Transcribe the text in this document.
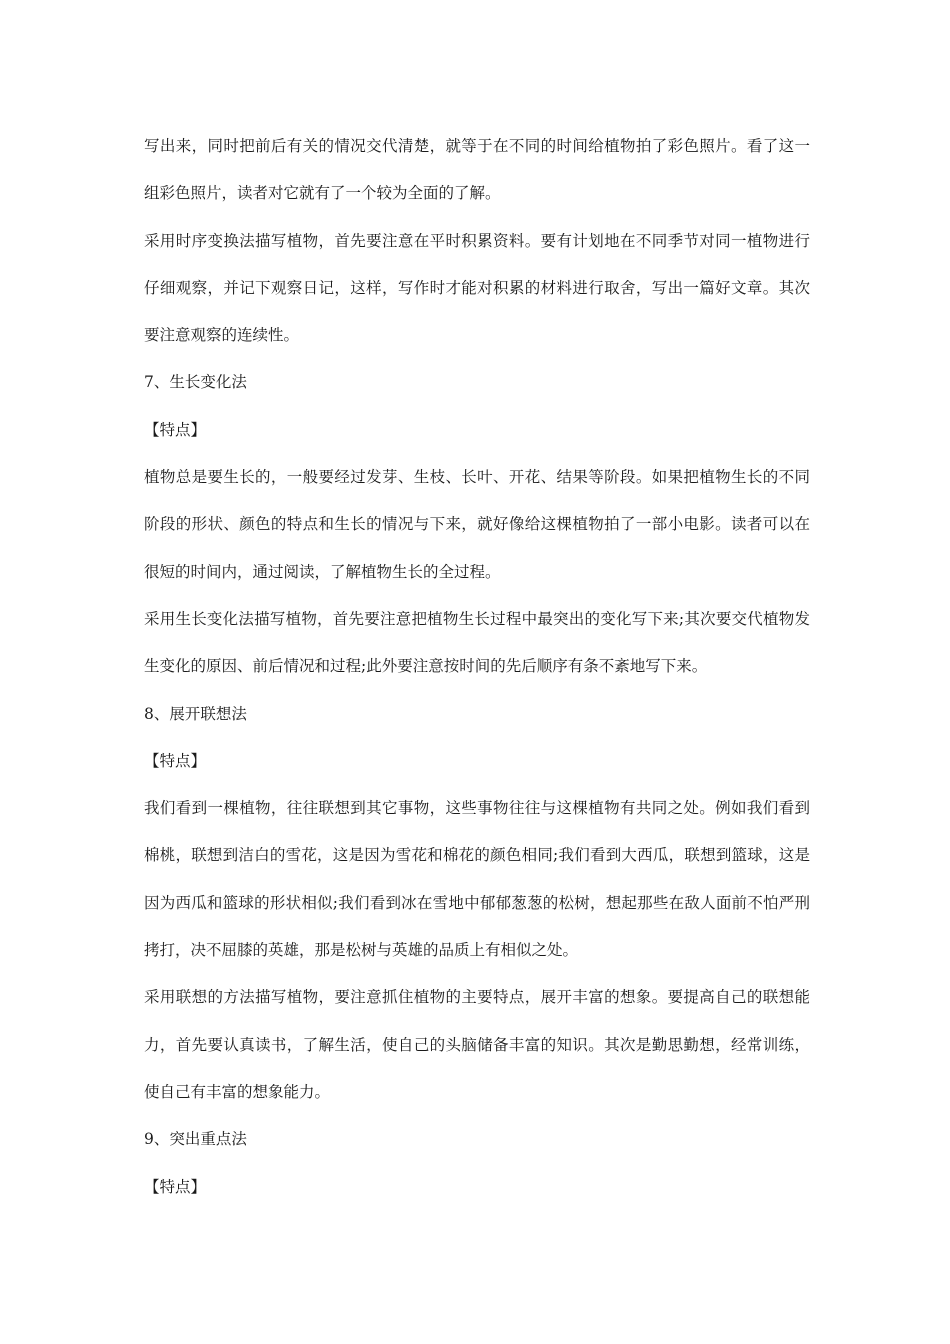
写出来，同时把前后有关的情况交代清楚，就等于在不同的时间给植物拍了彩色照片。看了这一组彩色照片，读者对它就有了一个较为全面的了解。

采用时序变换法描写植物，首先要注意在平时积累资料。要有计划地在不同季节对同一植物进行仔细观察，并记下观察日记，这样，写作时才能对积累的材料进行取舍，写出一篇好文章。其次要注意观察的连续性。

7、生长变化法

【特点】

植物总是要生长的，一般要经过发芽、生枝、长叶、开花、结果等阶段。如果把植物生长的不同阶段的形状、颜色的特点和生长的情况与下来，就好像给这棵植物拍了一部小电影。读者可以在很短的时间内，通过阅读，了解植物生长的全过程。

采用生长变化法描写植物，首先要注意把植物生长过程中最突出的变化写下来;其次要交代植物发生变化的原因、前后情况和过程;此外要注意按时间的先后顺序有条不紊地写下来。

8、展开联想法

【特点】

我们看到一棵植物，往往联想到其它事物，这些事物往往与这棵植物有共同之处。例如我们看到棉桃，联想到洁白的雪花，这是因为雪花和棉花的颜色相同;我们看到大西瓜，联想到篮球，这是因为西瓜和篮球的形状相似;我们看到冰在雪地中郁郁葱葱的松树，想起那些在敌人面前不怕严刑拷打，决不屈膝的英雄，那是松树与英雄的品质上有相似之处。

采用联想的方法描写植物，要注意抓住植物的主要特点，展开丰富的想象。要提高自己的联想能力，首先要认真读书，了解生活，使自己的头脑储备丰富的知识。其次是勤思勤想，经常训练，使自己有丰富的想象能力。

9、突出重点法

【特点】
